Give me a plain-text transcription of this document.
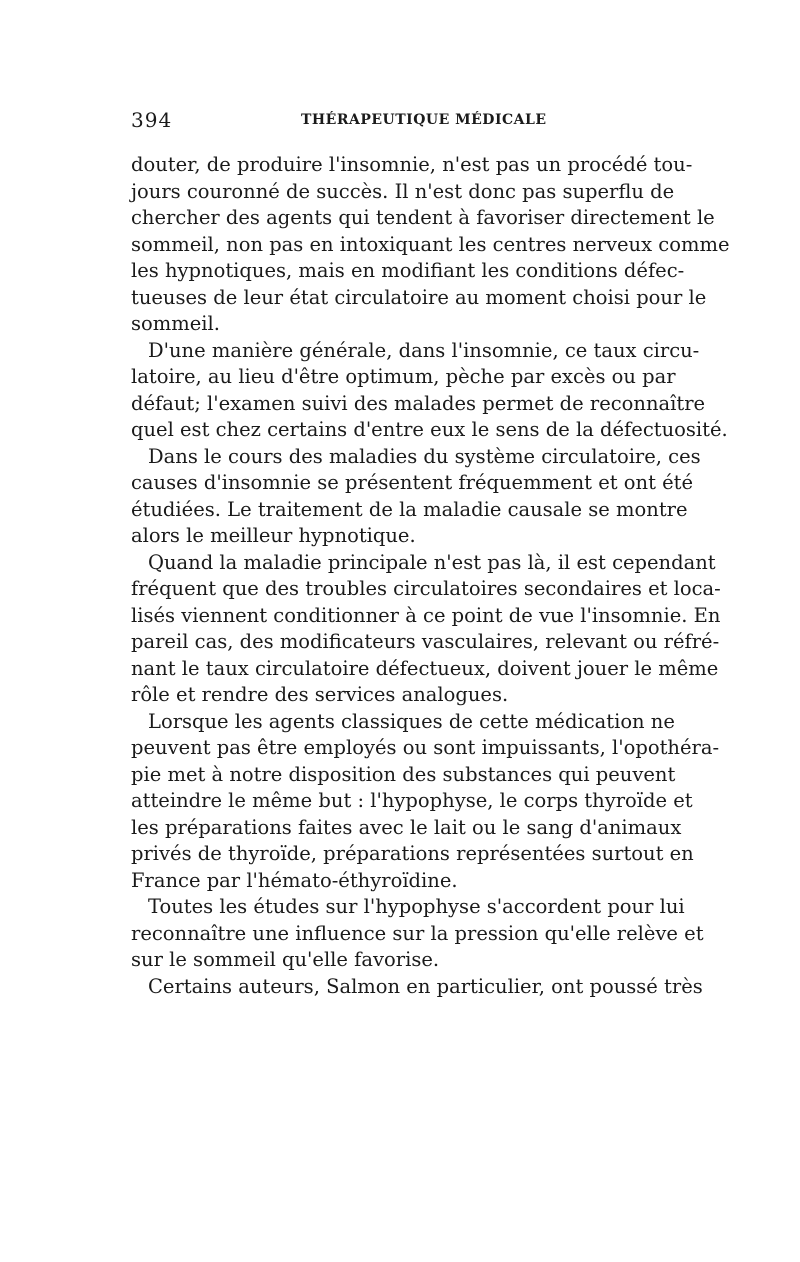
394	THÉRAPEUTIQUE MÉDICALE
douter, de produire l'insomnie, n'est pas un procédé tou-
jours couronné de succès. Il n'est donc pas superflu de
chercher des agents qui tendent à favoriser directement le
sommeil, non pas en intoxiquant les centres nerveux comme
les hypnotiques, mais en modifiant les conditions défec-
tueuses de leur état circulatoire au moment choisi pour le
sommeil.
D'une manière générale, dans l'insomnie, ce taux circu-
latoire, au lieu d'être optimum, pèche par excès ou par
défaut; l'examen suivi des malades permet de reconnaître
quel est chez certains d'entre eux le sens de la défectuosité.
Dans le cours des maladies du système circulatoire, ces
causes d'insomnie se présentent fréquemment et ont été
étudiées. Le traitement de la maladie causale se montre
alors le meilleur hypnotique.
Quand la maladie principale n'est pas là, il est cependant
fréquent que des troubles circulatoires secondaires et loca-
lisés viennent conditionner à ce point de vue l'insomnie. En
pareil cas, des modificateurs vasculaires, relevant ou réfré-
nant le taux circulatoire défectueux, doivent jouer le même
rôle et rendre des services analogues.
Lorsque les agents classiques de cette médication ne
peuvent pas être employés ou sont impuissants, l'opothéra-
pie met à notre disposition des substances qui peuvent
atteindre le même but : l'hypophyse, le corps thyroïde et
les préparations faites avec le lait ou le sang d'animaux
privés de thyroïde, préparations représentées surtout en
France par l'hémato-éthyroïdine.
Toutes les études sur l'hypophyse s'accordent pour lui
reconnaître une influence sur la pression qu'elle relève et
sur le sommeil qu'elle favorise.
Certains auteurs, Salmon en particulier, ont poussé très
